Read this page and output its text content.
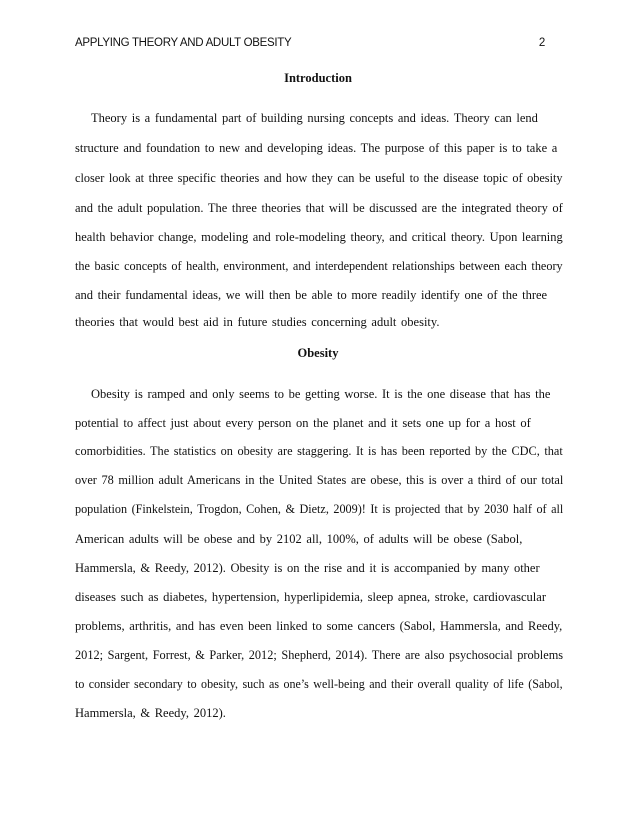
APPLYING THEORY AND ADULT OBESITY	2
Introduction
Theory is a fundamental part of building nursing concepts and ideas. Theory can lend
structure and foundation to new and developing ideas. The purpose of this paper is to take a
closer look at three specific theories and how they can be useful to the disease topic of obesity
and the adult population. The three theories that will be discussed are the integrated theory of
health behavior change, modeling and role-modeling theory, and critical theory. Upon learning
the basic concepts of health, environment, and interdependent relationships between each theory
and their fundamental ideas, we will then be able to more readily identify one of the three
theories that would best aid in future studies concerning adult obesity.
Obesity
Obesity is ramped and only seems to be getting worse. It is the one disease that has the
potential to affect just about every person on the planet and it sets one up for a host of
comorbidities. The statistics on obesity are staggering. It is has been reported by the CDC, that
over 78 million adult Americans in the United States are obese, this is over a third of our total
population (Finkelstein, Trogdon, Cohen, & Dietz, 2009)! It is projected that by 2030 half of all
American adults will be obese and by 2102 all, 100%, of adults will be obese (Sabol,
Hammersla, & Reedy, 2012). Obesity is on the rise and it is accompanied by many other
diseases such as diabetes, hypertension, hyperlipidemia, sleep apnea, stroke, cardiovascular
problems, arthritis, and has even been linked to some cancers (Sabol, Hammersla, and Reedy,
2012; Sargent, Forrest, & Parker, 2012; Shepherd, 2014). There are also psychosocial problems
to consider secondary to obesity, such as one’s well-being and their overall quality of life (Sabol,
Hammersla, & Reedy, 2012).
